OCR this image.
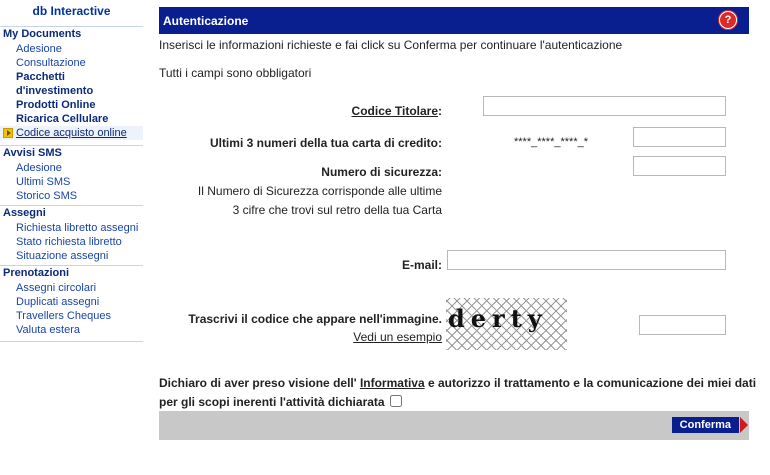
db Interactive
My Documents
Adesione
Consultazione
Pacchetti d'investimento
Prodotti Online
Ricarica Cellulare
Codice acquisto online
Avvisi SMS
Adesione
Ultimi SMS
Storico SMS
Assegni
Richiesta libretto assegni
Stato richiesta libretto
Situazione assegni
Prenotazioni
Assegni circolari
Duplicati assegni
Travellers Cheques
Valuta estera
Autenticazione	?
Inserisci le informazioni richieste e fai click su Conferma per continuare l'autenticazione
Tutti i campi sono obbligatori
Codice Titolare:
Ultimi 3 numeri della tua carta di credito:	****_****_****_*
Numero di sicurezza:
Il Numero di Sicurezza corrisponde alle ultime
3 cifre che trovi sul retro della tua Carta
E-mail:
Trascrivi il codice che appare nell'immagine.
Vedi un esempio
derty
Dichiaro di aver preso visione dell' Informativa e autorizzo il trattamento e la comunicazione dei miei dati
per gli scopi inerenti l'attività dichiarata
Conferma
